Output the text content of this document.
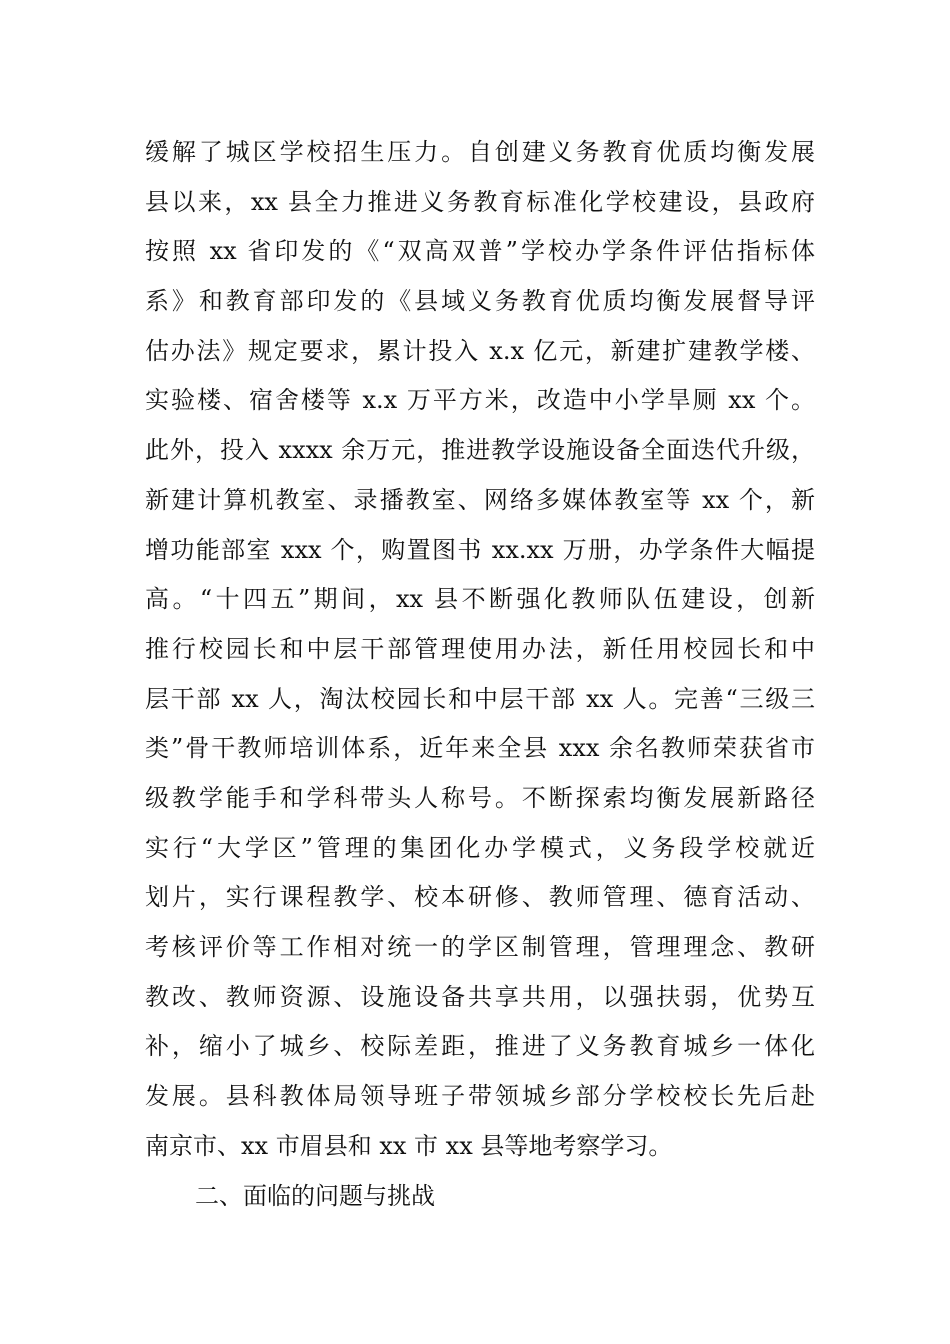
缓解了城区学校招生压力。自创建义务教育优质均衡发展
县以来，xx 县全力推进义务教育标准化学校建设，县政府
按照 xx 省印发的《“双高双普”学校办学条件评估指标体
系》和教育部印发的《县域义务教育优质均衡发展督导评
估办法》规定要求，累计投入 x.x 亿元，新建扩建教学楼、
实验楼、宿舍楼等 x.x 万平方米，改造中小学旱厕 xx 个。
此外，投入 xxxx 余万元，推进教学设施设备全面迭代升级，
新建计算机教室、录播教室、网络多媒体教室等 xx 个，新
增功能部室 xxx 个，购置图书 xx.xx 万册，办学条件大幅提
高。“十四五”期间，xx 县不断强化教师队伍建设，创新
推行校园长和中层干部管理使用办法，新任用校园长和中
层干部 xx 人，淘汰校园长和中层干部 xx 人。完善“三级三
类”骨干教师培训体系，近年来全县 xxx 余名教师荣获省市
级教学能手和学科带头人称号。不断探索均衡发展新路径
实行“大学区”管理的集团化办学模式，义务段学校就近
划片，实行课程教学、校本研修、教师管理、德育活动、
考核评价等工作相对统一的学区制管理，管理理念、教研
教改、教师资源、设施设备共享共用，以强扶弱，优势互
补，缩小了城乡、校际差距，推进了义务教育城乡一体化
发展。县科教体局领导班子带领城乡部分学校校长先后赴
南京市、xx 市眉县和 xx 市 xx 县等地考察学习。
二、面临的问题与挑战
